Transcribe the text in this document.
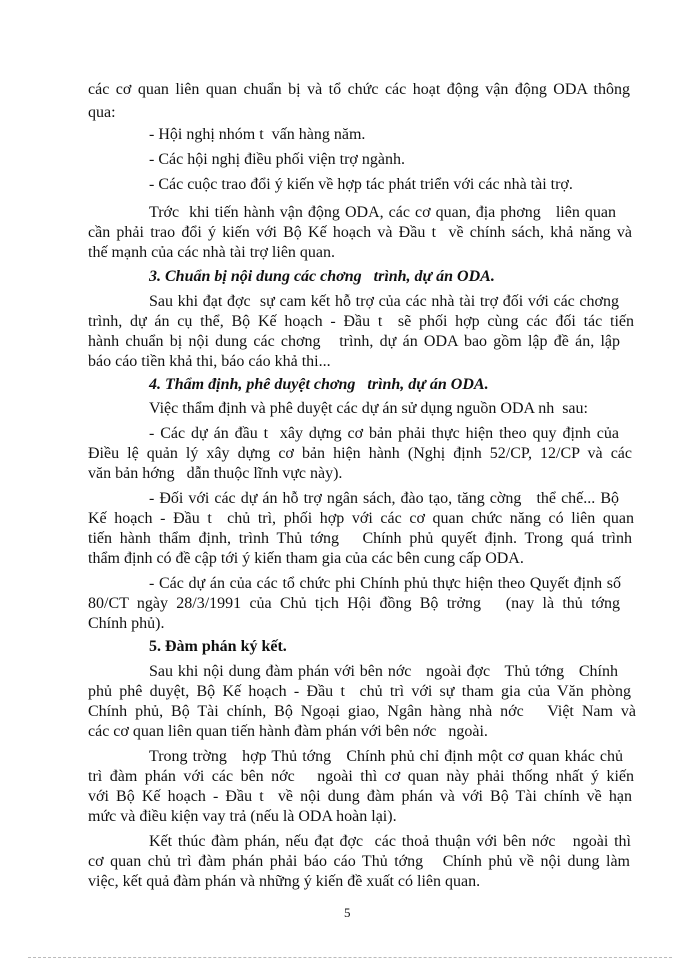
các cơ quan liên quan chuẩn bị và tổ chức các hoạt động vận động ODA thông
qua:
- Hội nghị nhóm t  vấn hàng năm.
- Các hội nghị điều phối viện trợ ngành.
- Các cuộc trao đổi ý kiến về hợp tác phát triển với các nhà tài trợ.
Trớc  khi tiến hành vận động ODA, các cơ quan, địa phơng   liên quan
cần phải trao đổi ý kiến với Bộ Kế hoạch và Đầu t  về chính sách, khả năng và
thế mạnh của các nhà tài trợ liên quan.
3. Chuẩn bị nội dung các chơng   trình, dự án ODA.
Sau khi đạt đợc  sự cam kết hỗ trợ của các nhà tài trợ đối với các chơng
trình, dự án cụ thể, Bộ Kế hoạch - Đầu t  sẽ phối hợp cùng các đối tác tiến
hành chuẩn bị nội dung các chơng   trình, dự án ODA bao gồm lập đề án, lập
báo cáo tiền khả thi, báo cáo khả thi...
4. Thẩm định, phê duyệt chơng   trình, dự án ODA.
Việc thẩm định và phê duyệt các dự án sử dụng nguồn ODA nh  sau:
- Các dự án đầu t  xây dựng cơ bản phải thực hiện theo quy định của
Điều lệ quản lý xây dựng cơ bản hiện hành (Nghị định 52/CP, 12/CP và các
văn bản hớng   dẫn thuộc lĩnh vực này).
- Đối với các dự án hỗ trợ ngân sách, đào tạo, tăng cờng   thể chế... Bộ
Kế hoạch - Đầu t  chủ trì, phối hợp với các cơ quan chức năng có liên quan
tiến hành thẩm định, trình Thủ tớng   Chính phủ quyết định. Trong quá trình
thẩm định có đề cập tới ý kiến tham gia của các bên cung cấp ODA.
- Các dự án của các tổ chức phi Chính phủ thực hiện theo Quyết định số
80/CT ngày 28/3/1991 của Chủ tịch Hội đồng Bộ trởng   (nay là thủ tớng
Chính phủ).
5. Đàm phán ký kết.
Sau khi nội dung đàm phán với bên nớc   ngoài đợc   Thủ tớng   Chính
phủ phê duyệt, Bộ Kế hoạch - Đầu t  chủ trì với sự tham gia của Văn phòng
Chính phủ, Bộ Tài chính, Bộ Ngoại giao, Ngân hàng nhà nớc   Việt Nam và
các cơ quan liên quan tiến hành đàm phán với bên nớc   ngoài.
Trong trờng   hợp Thủ tớng   Chính phủ chỉ định một cơ quan khác chủ
trì đàm phán với các bên nớc   ngoài thì cơ quan này phải thống nhất ý kiến
với Bộ Kế hoạch - Đầu t  về nội dung đàm phán và với Bộ Tài chính về hạn
mức và điều kiện vay trả (nếu là ODA hoàn lại).
Kết thúc đàm phán, nếu đạt đợc  các thoả thuận với bên nớc   ngoài thì
cơ quan chủ trì đàm phán phải báo cáo Thủ tớng   Chính phủ về nội dung làm
việc, kết quả đàm phán và những ý kiến đề xuất có liên quan.
5
